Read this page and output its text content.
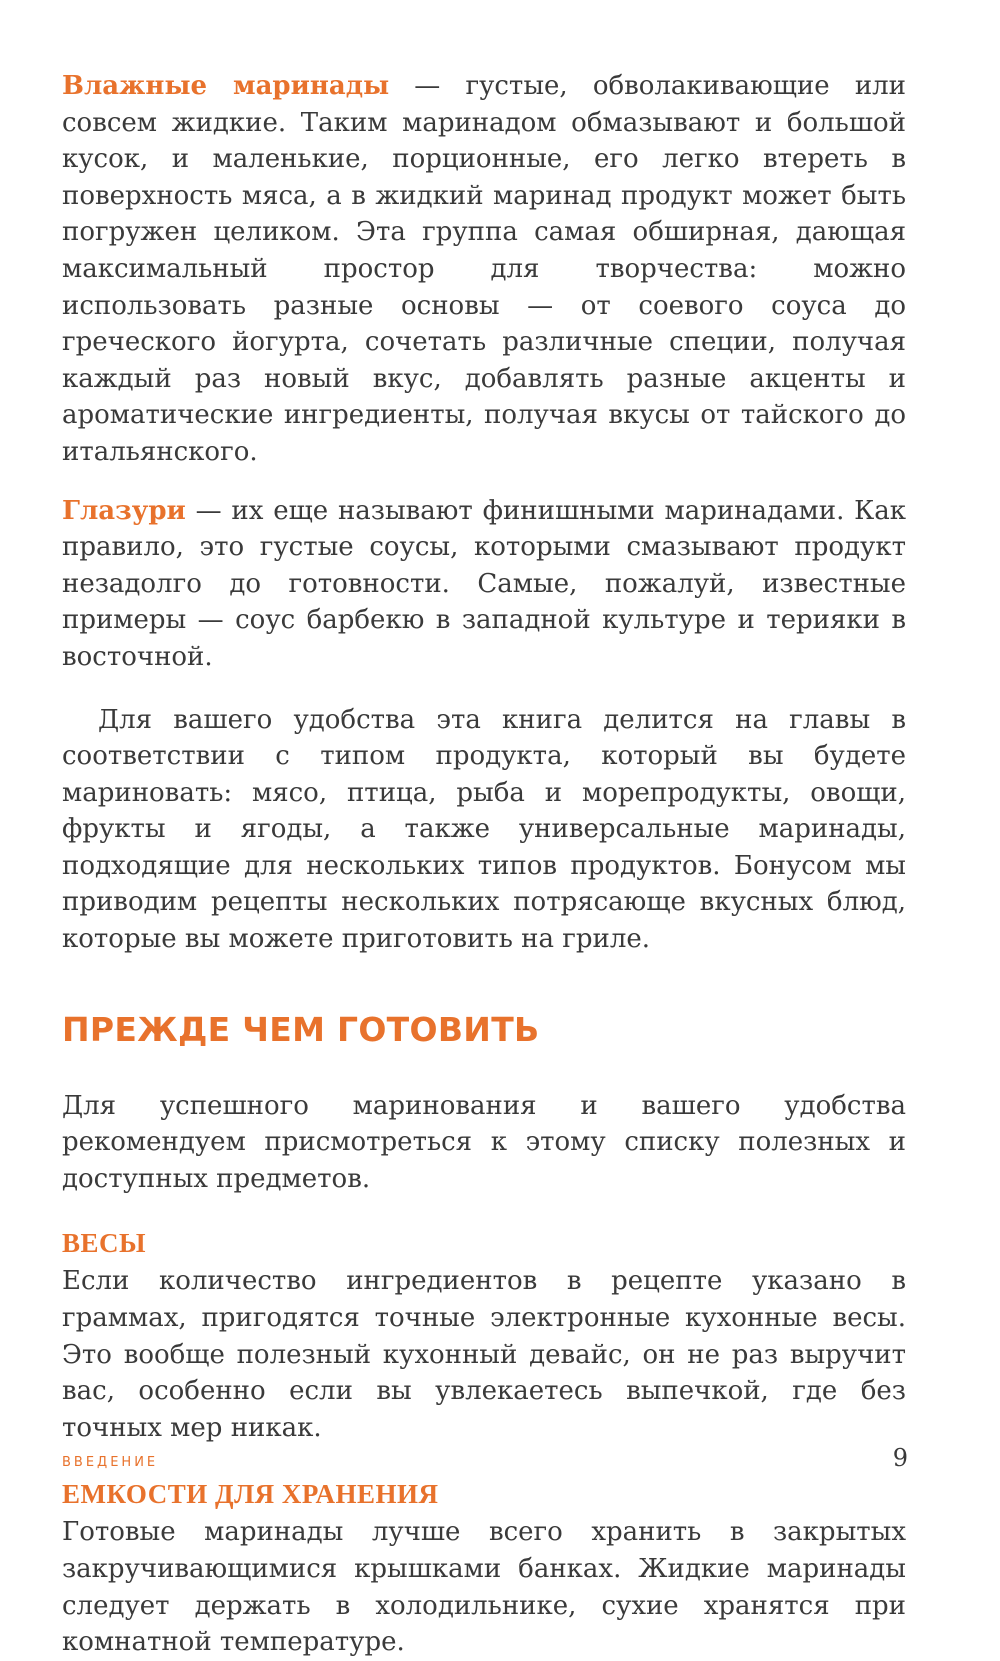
Влажные маринады — густые, обволакивающие или совсем жидкие. Таким маринадом обмазывают и большой кусок, и маленькие, порционные, его легко втереть в поверхность мяса, а в жидкий маринад продукт может быть погружен целиком. Эта группа самая обширная, дающая максимальный простор для творчества: можно использовать разные основы — от соевого соуса до греческого йогурта, сочетать различные специи, получая каждый раз новый вкус, добавлять разные акценты и ароматические ингредиенты, получая вкусы от тайского до итальянского.

Глазури — их еще называют финишными маринадами. Как правило, это густые соусы, которыми смазывают продукт незадолго до готовности. Самые, пожалуй, известные примеры — соус барбекю в западной культуре и терияки в восточной.

Для вашего удобства эта книга делится на главы в соответствии с типом продукта, который вы будете мариновать: мясо, птица, рыба и морепродукты, овощи, фрукты и ягоды, а также универсальные маринады, подходящие для нескольких типов продуктов. Бонусом мы приводим рецепты нескольких потрясающе вкусных блюд, которые вы можете приготовить на гриле.

ПРЕЖДЕ ЧЕМ ГОТОВИТЬ

Для успешного маринования и вашего удобства рекомендуем присмотреться к этому списку полезных и доступных предметов.

ВЕСЫ

Если количество ингредиентов в рецепте указано в граммах, пригодятся точные электронные кухонные весы. Это вообще полезный кухонный девайс, он не раз выручит вас, особенно если вы увлекаетесь выпечкой, где без точных мер никак.

ЕМКОСТИ ДЛЯ ХРАНЕНИЯ

Готовые маринады лучше всего хранить в закрытых закручивающимися крышками банках. Жидкие маринады следует держать в холодильнике, сухие хранятся при комнатной температуре.

ВВЕДЕНИЕ	9
